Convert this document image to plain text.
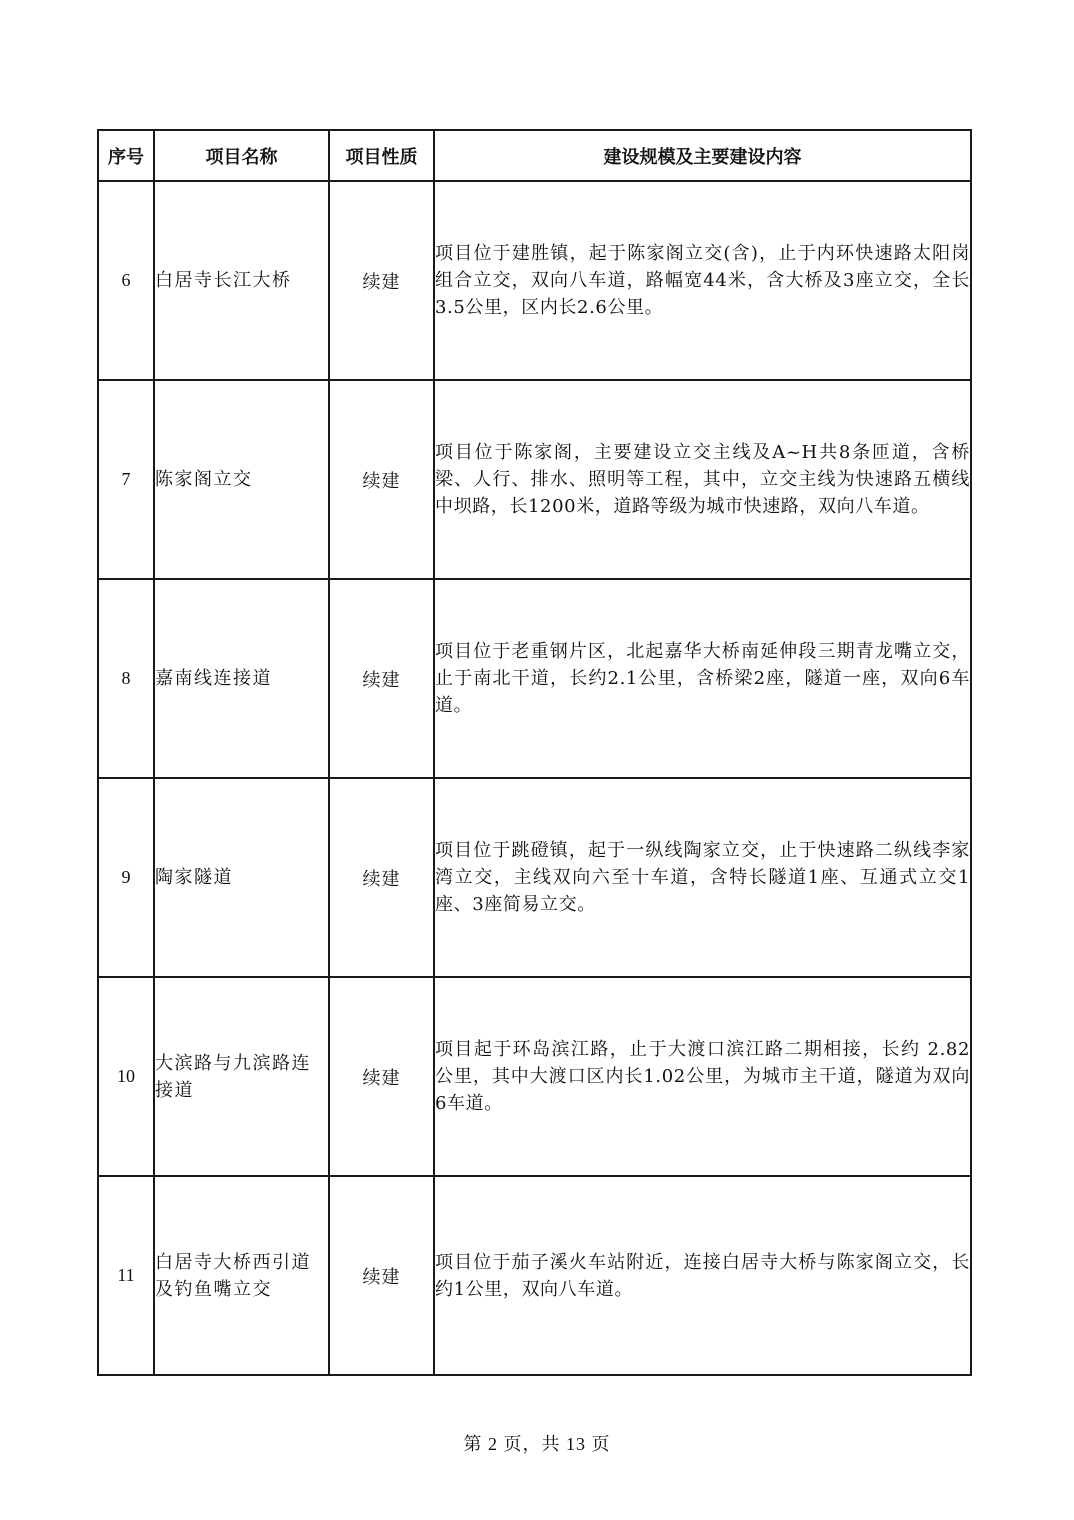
序号	项目名称	项目性质	建设规模及主要建设内容
6	白居寺长江大桥	续建	项目位于建胜镇，起于陈家阁立交(含)，止于内环快速路太阳岗组合立交，双向八车道，路幅宽44米，含大桥及3座立交，全长3.5公里，区内长2.6公里。
7	陈家阁立交	续建	项目位于陈家阁，主要建设立交主线及A~H共8条匝道，含桥梁、人行、排水、照明等工程，其中，立交主线为快速路五横线中坝路，长1200米，道路等级为城市快速路，双向八车道。
8	嘉南线连接道	续建	项目位于老重钢片区，北起嘉华大桥南延伸段三期青龙嘴立交，止于南北干道，长约2.1公里，含桥梁2座，隧道一座，双向6车道。
9	陶家隧道	续建	项目位于跳磴镇，起于一纵线陶家立交，止于快速路二纵线李家湾立交，主线双向六至十车道，含特长隧道1座、互通式立交1座、3座简易立交。
10	大滨路与九滨路连接道	续建	项目起于环岛滨江路，止于大渡口滨江路二期相接，长约 2.82 公里，其中大渡口区内长1.02公里，为城市主干道，隧道为双向 6车道。
11	白居寺大桥西引道及钓鱼嘴立交	续建	项目位于茄子溪火车站附近，连接白居寺大桥与陈家阁立交，长约1公里，双向八车道。
第 2 页，共 13 页
